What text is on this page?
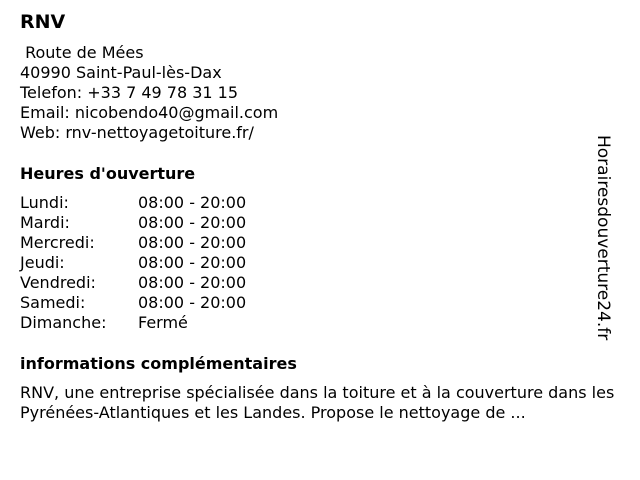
RNV
Route de Mées
40990 Saint-Paul-lès-Dax
Telefon: +33 7 49 78 31 15
Email: nicobendo40@gmail.com
Web: rnv-nettoyagetoiture.fr/
Heures d'ouverture
Lundi:	08:00 - 20:00
Mardi:	08:00 - 20:00
Mercredi:	08:00 - 20:00
Jeudi:	08:00 - 20:00
Vendredi:	08:00 - 20:00
Samedi:	08:00 - 20:00
Dimanche: Fermé
informations complémentaires
RNV, une entreprise spécialisée dans la toiture et à la couverture dans les Pyrénées-Atlantiques et les Landes. Propose le nettoyage de ...
Horairesdouverture24.fr
